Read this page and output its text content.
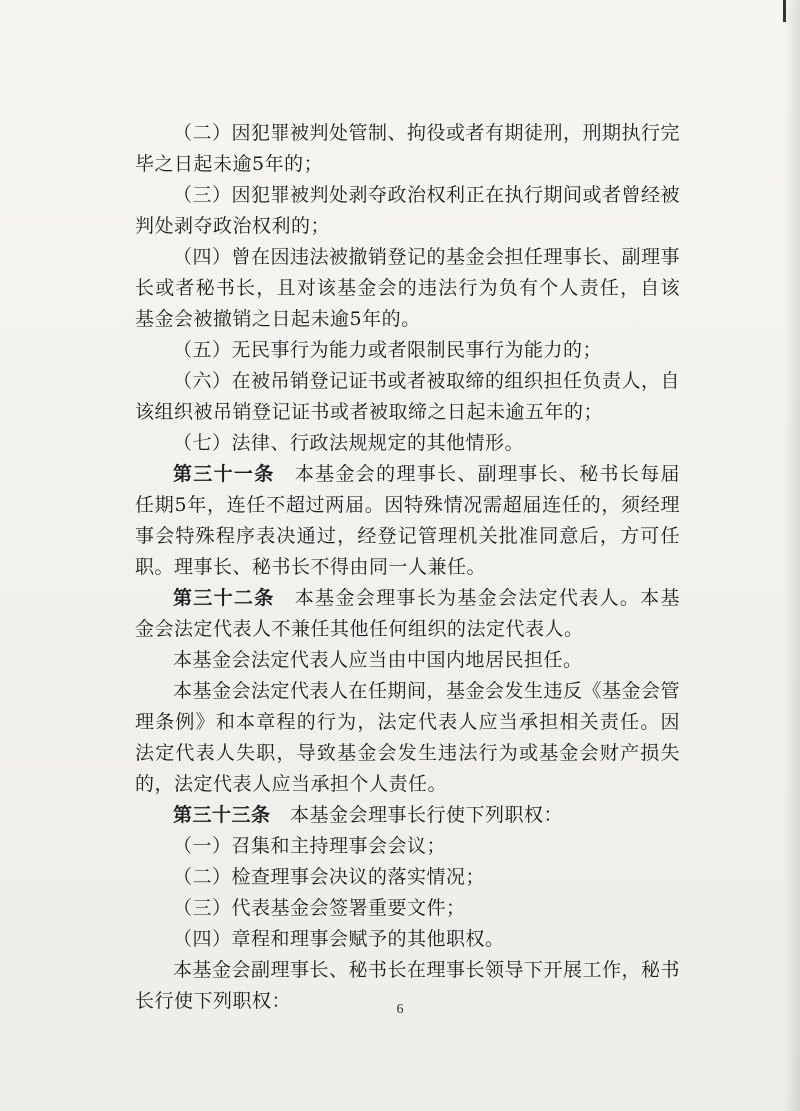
（二）因犯罪被判处管制、拘役或者有期徒刑，刑期执行完毕之日起未逾5年的；

（三）因犯罪被判处剥夺政治权利正在执行期间或者曾经被判处剥夺政治权利的；

（四）曾在因违法被撤销登记的基金会担任理事长、副理事长或者秘书长，且对该基金会的违法行为负有个人责任，自该基金会被撤销之日起未逾5年的。

（五）无民事行为能力或者限制民事行为能力的；

（六）在被吊销登记证书或者被取缔的组织担任负责人，自该组织被吊销登记证书或者被取缔之日起未逾五年的；

（七）法律、行政法规规定的其他情形。

第三十一条　本基金会的理事长、副理事长、秘书长每届任期5年，连任不超过两届。因特殊情况需超届连任的，须经理事会特殊程序表决通过，经登记管理机关批准同意后，方可任职。理事长、秘书长不得由同一人兼任。

第三十二条　本基金会理事长为基金会法定代表人。本基金会法定代表人不兼任其他任何组织的法定代表人。

本基金会法定代表人应当由中国内地居民担任。

本基金会法定代表人在任期间，基金会发生违反《基金会管理条例》和本章程的行为，法定代表人应当承担相关责任。因法定代表人失职，导致基金会发生违法行为或基金会财产损失的，法定代表人应当承担个人责任。

第三十三条　本基金会理事长行使下列职权：

（一）召集和主持理事会会议；

（二）检查理事会决议的落实情况；

（三）代表基金会签署重要文件；

（四）章程和理事会赋予的其他职权。

本基金会副理事长、秘书长在理事长领导下开展工作，秘书长行使下列职权：	6
